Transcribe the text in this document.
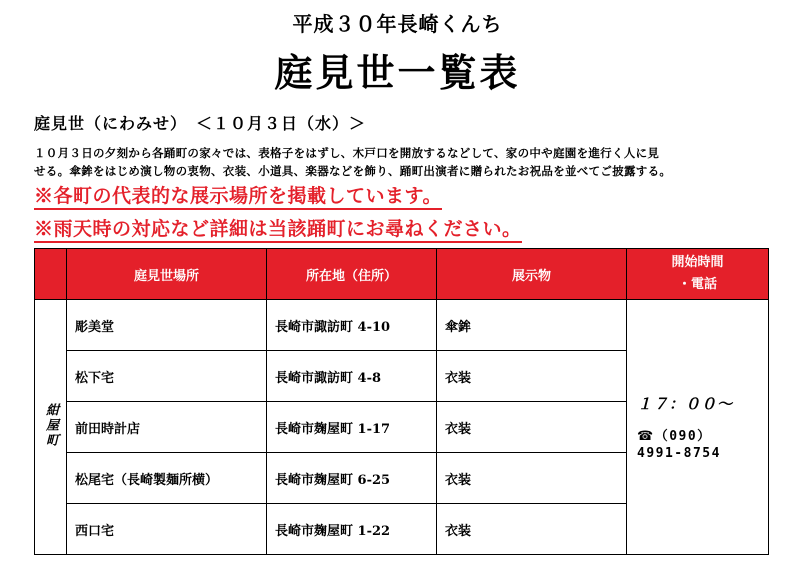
平成３０年長崎くんち
庭見世一覧表
庭見世（にわみせ）　＜１０月３日（水）＞
１０月３日の夕刻から各踊町の家々では、表格子をはずし、木戸口を開放するなどして、家の中や庭園を進行く人に見
せる。傘鉾をはじめ演し物の衷物、衣装、小道具、楽器などを飾り、踊町出演者に贈られたお祝品を並べてご披露する。
※各町の代表的な展示場所を掲載しています。
※雨天時の対応など詳細は当該踊町にお尋ねください。
	庭見世場所	所在地（住所）	展示物	開始時間
・電話

紺屋町	彫美堂	長崎市諏訪町 4-10	傘鉾	１７：００～
☎（090）
4991-8754

	松下宅	長崎市諏訪町 4-8	衣装	
	前田時計店	長崎市麹屋町 1-17	衣装	
	松尾宅（長崎製麺所横）	長崎市麹屋町 6-25	衣装	
	西口宅	長崎市麹屋町 1-22	衣装	
